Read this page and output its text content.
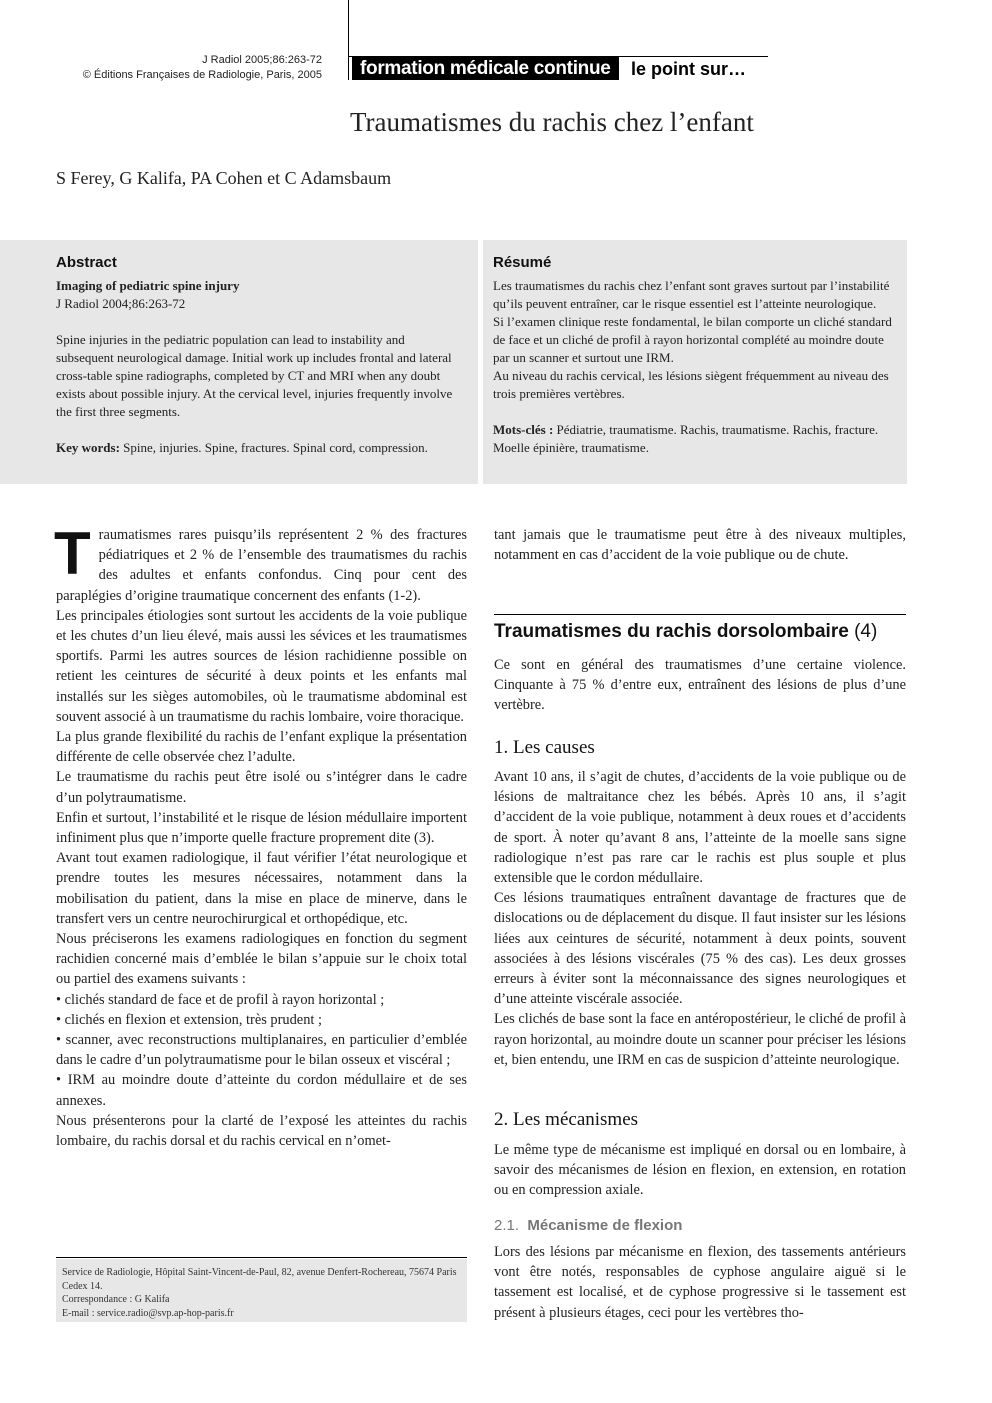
J Radiol 2005;86:263-72
© Éditions Françaises de Radiologie, Paris, 2005	formation médicale continue	le point sur…
Traumatismes du rachis chez l’enfant
S Ferey, G Kalifa, PA Cohen et C Adamsbaum
Abstract

Imaging of pediatric spine injury

J Radiol 2004;86:263-72

Spine injuries in the pediatric population can lead to instability and subsequent neurological damage. Initial work up includes frontal and lateral cross-table spine radiographs, completed by CT and MRI when any doubt exists about possible injury. At the cervical level, injuries frequently involve the first three segments.

Key words: Spine, injuries. Spine, fractures. Spinal cord, compression.

Résumé

Les traumatismes du rachis chez l’enfant sont graves surtout par l’instabilité qu’ils peuvent entraîner, car le risque essentiel est l’atteinte neurologique.

Si l’examen clinique reste fondamental, le bilan comporte un cliché standard de face et un cliché de profil à rayon horizontal complété au moindre doute par un scanner et surtout une IRM.

Au niveau du rachis cervical, les lésions siègent fréquemment au niveau des trois premières vertèbres.

Mots-clés : Pédiatrie, traumatisme. Rachis, traumatisme. Rachis, fracture. Moelle épinière, traumatisme.

Traumatismes rares puisqu’ils représentent 2 % des fractures pédiatriques et 2 % de l’ensemble des traumatismes du rachis des adultes et enfants confondus. Cinq pour cent des paraplégies d’origine traumatique concernent des enfants (1-2).

Les principales étiologies sont surtout les accidents de la voie publique et les chutes d’un lieu élevé, mais aussi les sévices et les traumatismes sportifs. Parmi les autres sources de lésion rachidienne possible on retient les ceintures de sécurité à deux points et les enfants mal installés sur les sièges automobiles, où le traumatisme abdominal est souvent associé à un traumatisme du rachis lombaire, voire thoracique.

La plus grande flexibilité du rachis de l’enfant explique la présentation différente de celle observée chez l’adulte.

Le traumatisme du rachis peut être isolé ou s’intégrer dans le cadre d’un polytraumatisme.

Enfin et surtout, l’instabilité et le risque de lésion médullaire importent infiniment plus que n’importe quelle fracture proprement dite (3).

Avant tout examen radiologique, il faut vérifier l’état neurologique et prendre toutes les mesures nécessaires, notamment dans la mobilisation du patient, dans la mise en place de minerve, dans le transfert vers un centre neurochirurgical et orthopédique, etc.

Nous préciserons les examens radiologiques en fonction du segment rachidien concerné mais d’emblée le bilan s’appuie sur le choix total ou partiel des examens suivants :

• clichés standard de face et de profil à rayon horizontal ;
• clichés en flexion et extension, très prudent ;
• scanner, avec reconstructions multiplanaires, en particulier d’emblée dans le cadre d’un polytraumatisme pour le bilan osseux et viscéral ;
• IRM au moindre doute d’atteinte du cordon médullaire et de ses annexes.

Nous présenterons pour la clarté de l’exposé les atteintes du rachis lombaire, du rachis dorsal et du rachis cervical en n’omet-

tant jamais que le traumatisme peut être à des niveaux multiples, notamment en cas d’accident de la voie publique ou de chute.
Traumatismes du rachis dorsolombaire (4)
Ce sont en général des traumatismes d’une certaine violence. Cinquante à 75 % d’entre eux, entraînent des lésions de plus d’une vertèbre.
1. Les causes

Avant 10 ans, il s’agit de chutes, d’accidents de la voie publique ou de lésions de maltraitance chez les bébés. Après 10 ans, il s’agit d’accident de la voie publique, notamment à deux roues et d’accidents de sport. À noter qu’avant 8 ans, l’atteinte de la moelle sans signe radiologique n’est pas rare car le rachis est plus souple et plus extensible que le cordon médullaire.

Ces lésions traumatiques entraînent davantage de fractures que de dislocations ou de déplacement du disque. Il faut insister sur les lésions liées aux ceintures de sécurité, notamment à deux points, souvent associées à des lésions viscérales (75 % des cas). Les deux grosses erreurs à éviter sont la méconnaissance des signes neurologiques et d’une atteinte viscérale associée.

Les clichés de base sont la face en antéropostérieur, le cliché de profil à rayon horizontal, au moindre doute un scanner pour préciser les lésions et, bien entendu, une IRM en cas de suspicion d’atteinte neurologique.

2. Les mécanismes
Le même type de mécanisme est impliqué en dorsal ou en lombaire, à savoir des mécanismes de lésion en flexion, en extension, en rotation ou en compression axiale.
2.1. Mécanisme de flexion
Lors des lésions par mécanisme en flexion, des tassements antérieurs vont être notés, responsables de cyphose angulaire aiguë si le tassement est localisé, et de cyphose progressive si le tassement est présent à plusieurs étages, ceci pour les vertèbres tho-

Service de Radiologie, Hôpital Saint-Vincent-de-Paul, 82, avenue Denfert-Rochereau, 75674 Paris Cedex 14.

Correspondance : G Kalifa

E-mail : service.radio@svp.ap-hop-paris.fr
